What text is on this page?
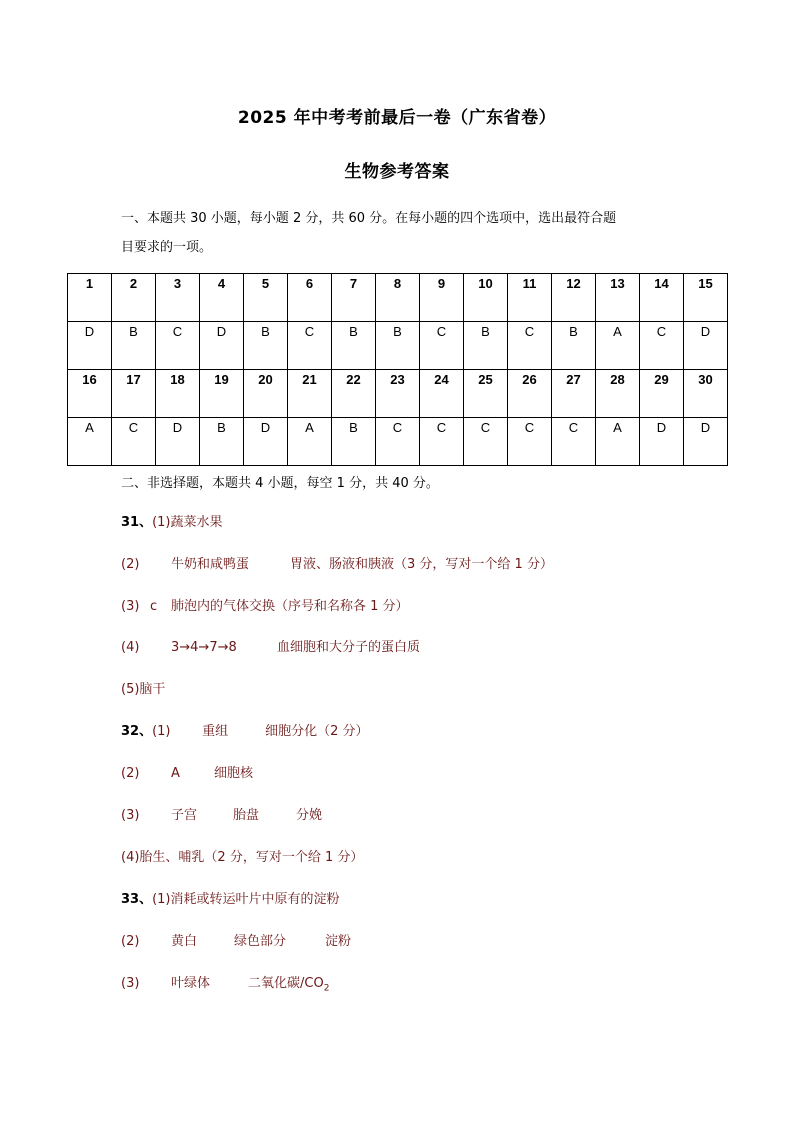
2025 年中考考前最后一卷（广东省卷）
生物参考答案
一、本题共 30 小题，每小题 2 分，共 60 分。在每小题的四个选项中，选出最符合题
目要求的一项。
1	2	3	4	5	6	7	8	9	10	11	12	13	14	15
D	B	C	D	B	C	B	B	C	B	C	B	A	C	D
16	17	18	19	20	21	22	23	24	25	26	27	28	29	30
A	C	D	B	D	A	B	C	C	C	C	C	A	D	D
二、非选择题，本题共 4 小题，每空 1 分，共 40 分。
31、(1)蔬菜水果
(2) 牛奶和咸鸭蛋	胃液、肠液和胰液（3 分，写对一个给 1 分）
(3) c 肺泡内的气体交换（序号和名称各 1 分）
(4) 3→4→7→8	血细胞和大分子的蛋白质
(5)脑干
32、(1) 重组	细胞分化（2 分）
(2) A	细胞核
(3) 子宫	胎盘	分娩
(4)胎生、哺乳（2 分，写对一个给 1 分）
33、(1)消耗或转运叶片中原有的淀粉
(2) 黄白	绿色部分	淀粉
(3) 叶绿体	二氧化碳$/CO_2$
